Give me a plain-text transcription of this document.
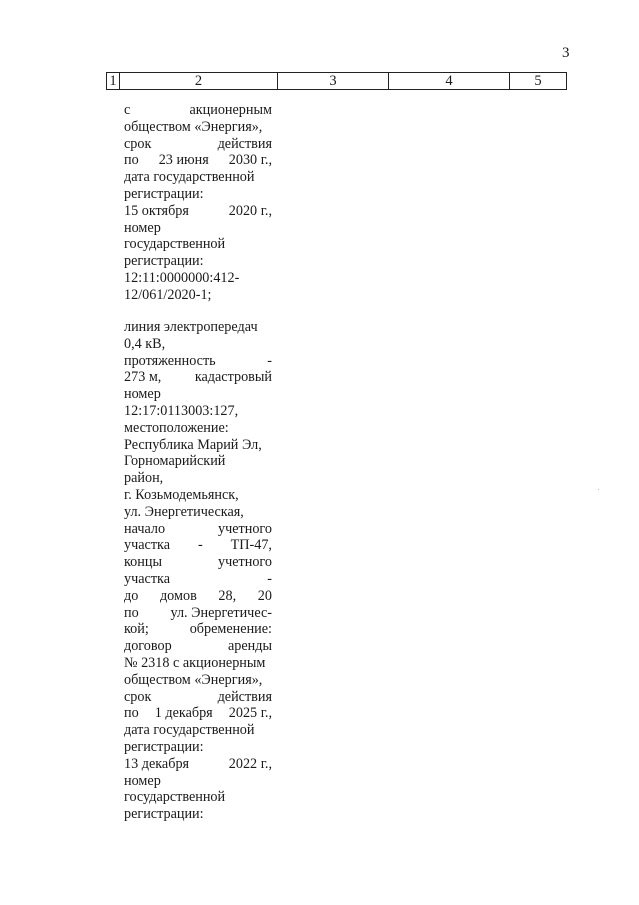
3
1	2	3	4	5
с	акционерным
обществом «Энергия»,
срок	действия
по 23 июня 2030 г.,
дата государственной
регистрации:
15 октября	2020 г.,
номер
государственной
регистрации:
12:11:0000000:412-
12/061/2020-1;
линия электропередач
0,4 кВ,
протяженность	-
273 м, кадастровый
номер
12:17:0113003:127,
местоположение:
Республика Марий Эл,
Горномарийский
район,
г. Козьмодемьянск,
ул. Энергетическая,
начало	учетного
участка - ТП-47,
концы	учетного
участка	-
до домов 28, 20
по ул. Энергетичес-
кой;	обременение:
договор	аренды
№ 2318 с акционерным
обществом «Энергия»,
срок	действия
по 1 декабря 2025 г.,
дата государственной
регистрации:
13 декабря	2022 г.,
номер
государственной
регистрации:
